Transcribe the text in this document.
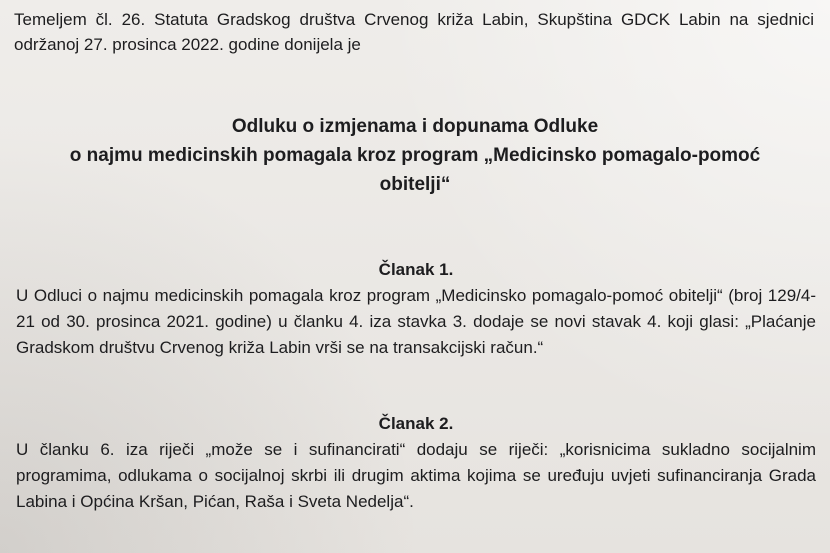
Temeljem čl. 26. Statuta Gradskog društva Crvenog križa Labin, Skupština GDCK Labin na sjednici održanoj 27. prosinca 2022. godine donijela je
Odluku o izmjenama i dopunama Odluke
o najmu medicinskih pomagala kroz program „Medicinsko pomagalo-pomoć
obitelji“
Članak 1.
U Odluci o najmu medicinskih pomagala kroz program „Medicinsko pomagalo-pomoć obitelji“ (broj 129/4-21 od 30. prosinca 2021. godine) u članku 4. iza stavka 3. dodaje se novi stavak 4. koji glasi: „Plaćanje Gradskom društvu Crvenog križa Labin vrši se na transakcijski račun.“
Članak 2.
U članku 6. iza riječi „može se i sufinancirati“ dodaju se riječi: „korisnicima sukladno socijalnim programima, odlukama o socijalnoj skrbi ili drugim aktima kojima se uređuju uvjeti sufinanciranja Grada Labina i Općina Kršan, Pićan, Raša i Sveta Nedelja“.
